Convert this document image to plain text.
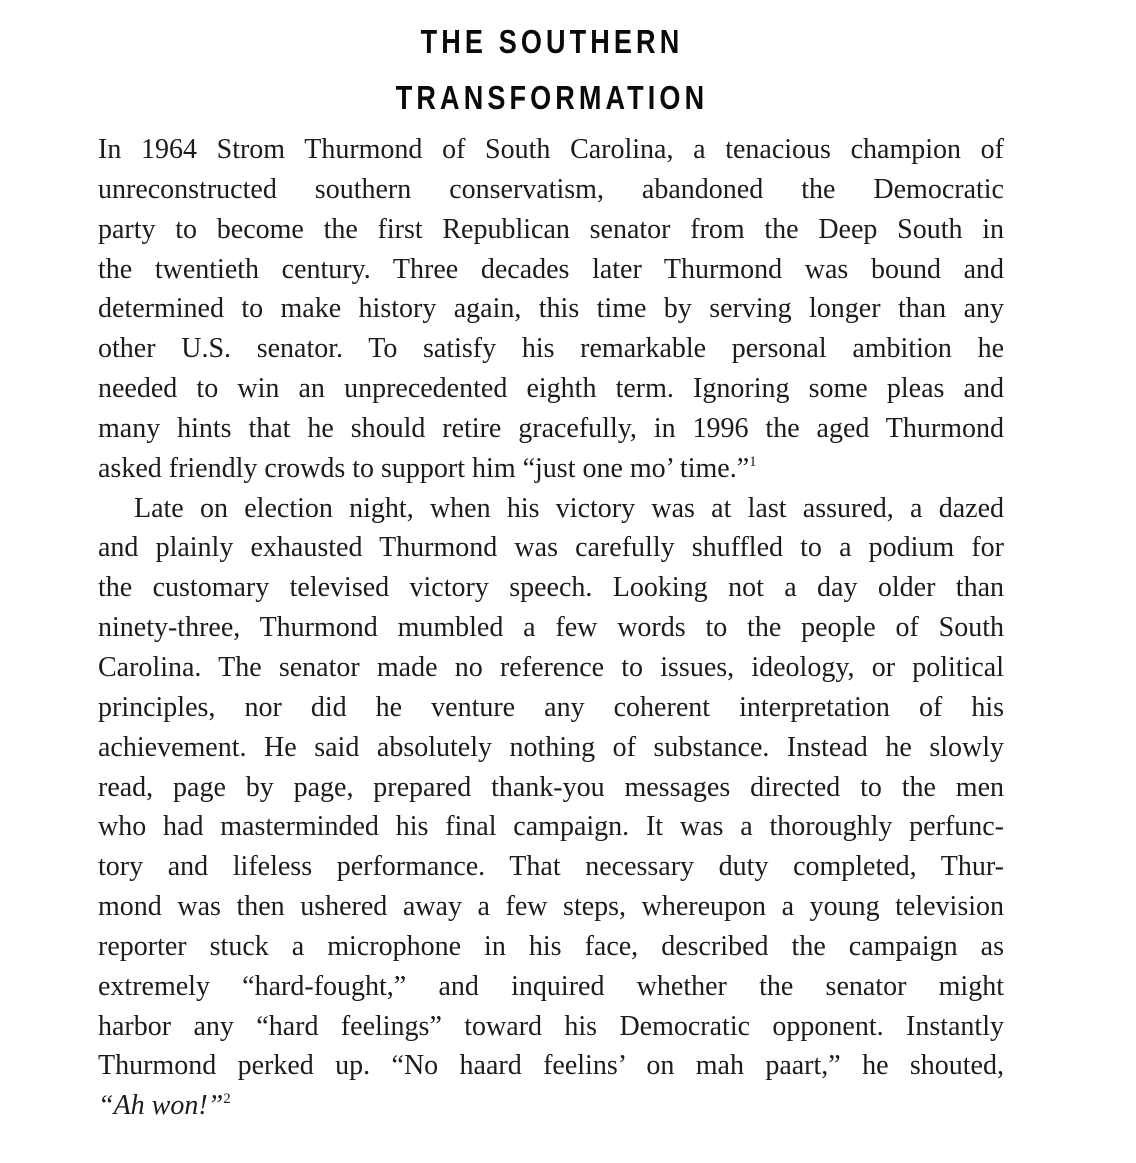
THE SOUTHERN
TRANSFORMATION
In 1964 Strom Thurmond of South Carolina, a tenacious champion of
unreconstructed southern conservatism, abandoned the Democratic
party to become the first Republican senator from the Deep South in
the twentieth century. Three decades later Thurmond was bound and
determined to make history again, this time by serving longer than any
other U.S. senator. To satisfy his remarkable personal ambition he
needed to win an unprecedented eighth term. Ignoring some pleas and
many hints that he should retire gracefully, in 1996 the aged Thurmond
asked friendly crowds to support him “just one mo’ time.”$^1$
Late on election night, when his victory was at last assured, a dazed
and plainly exhausted Thurmond was carefully shuffled to a podium for
the customary televised victory speech. Looking not a day older than
ninety-three, Thurmond mumbled a few words to the people of South
Carolina. The senator made no reference to issues, ideology, or political
principles, nor did he venture any coherent interpretation of his
achievement. He said absolutely nothing of substance. Instead he slowly
read, page by page, prepared thank-you messages directed to the men
who had masterminded his final campaign. It was a thoroughly perfunc-
tory and lifeless performance. That necessary duty completed, Thur-
mond was then ushered away a few steps, whereupon a young television
reporter stuck a microphone in his face, described the campaign as
extremely “hard-fought,” and inquired whether the senator might
harbor any “hard feelings” toward his Democratic opponent. Instantly
Thurmond perked up. “No haard feelins’ on mah paart,” he shouted,
“Ah won!”$^2$
